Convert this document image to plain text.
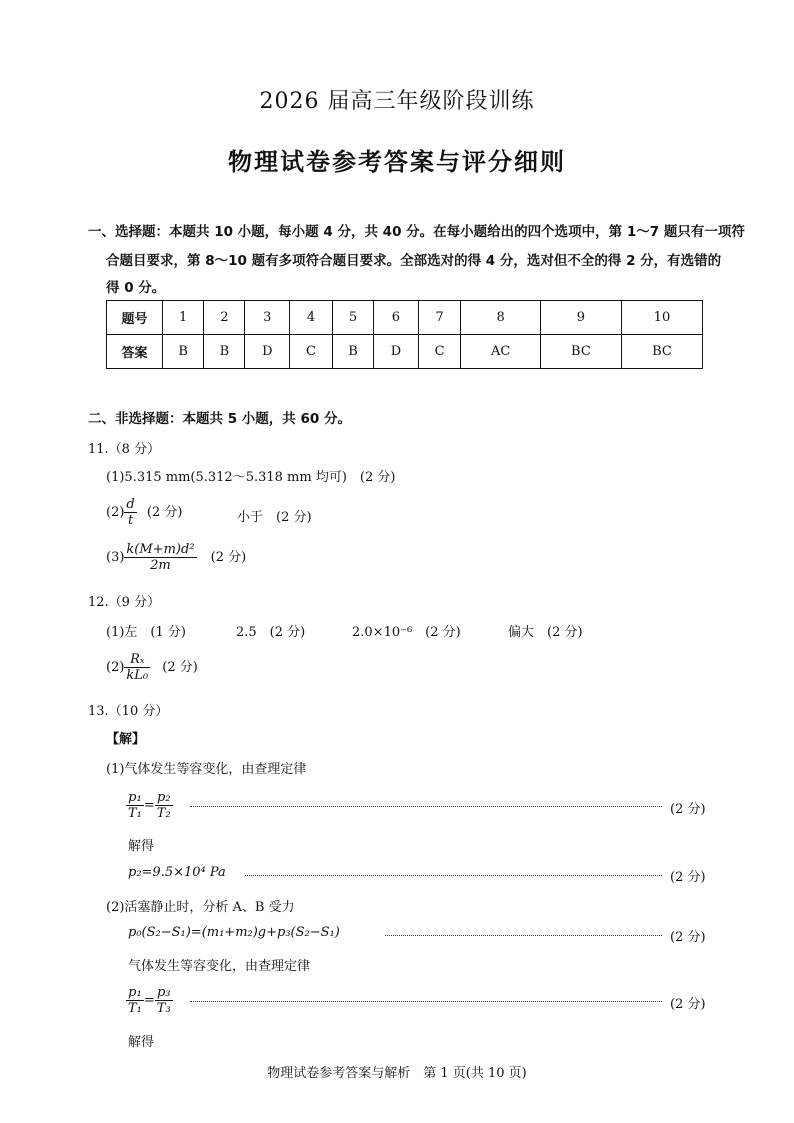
2026 届高三年级阶段训练
物理试卷参考答案与评分细则
一、选择题：本题共 10 小题，每小题 4 分，共 40 分。在每小题给出的四个选项中，第 1～7 题只有一项符
合题目要求，第 8～10 题有多项符合题目要求。全部选对的得 4 分，选对但不全的得 2 分，有选错的
得 0 分。
题号	1	2	3	4	5	6	7	8	9	10
答案	B	B	D	C	B	D	C	AC	BC	BC
二、非选择题：本题共 5 小题，共 60 分。
11.（8 分）
(1)5.315 mm(5.312～5.318 mm 均可)　(2 分)
$(2) \frac{d}{t} (2$ 分)	小于　(2 分)
$(3) \frac{\text{k(M+m)d²}}{2m} (2$ 分)
12.（9 分）
(1)左　(1 分)	2.5　(2 分)	2.0×10⁻⁶　(2 分)	偏大　(2 分)
$(2) \frac{\text{Rₓ}}{\text{kL₀}} (2$ 分)
13.（10 分）
【解】
(1)气体发生等容变化，由查理定律
$\frac{\text{p₁}}{\text{T₁}} = \frac{\text{p₂}}{\text{T₂}}$	(2 分)
解得
p₂=9.5×10⁴ Pa	(2 分)
(2)活塞静止时，分析 A、B 受力
p₀(S₂−S₁)=(m₁+m₂)g+p₃(S₂−S₁)	(2 分)
气体发生等容变化，由查理定律
$\frac{\text{p₁}}{\text{T₁}} = \frac{\text{p₃}}{\text{T₃}}$	(2 分)
解得
物理试卷参考答案与解析　第 1 页(共 10 页)
